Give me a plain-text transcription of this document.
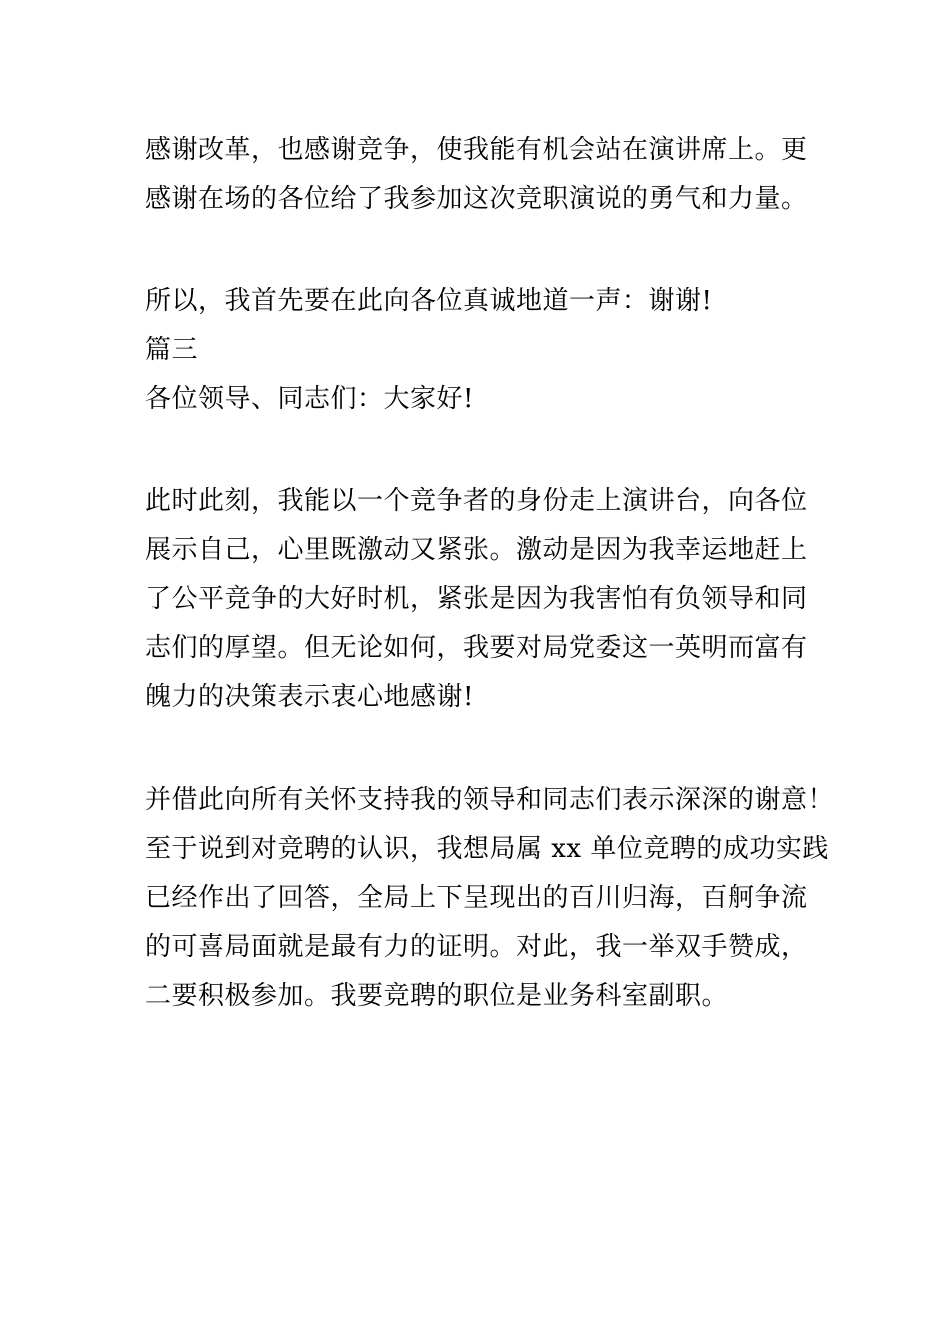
感谢改革，也感谢竞争，使我能有机会站在演讲席上。更
感谢在场的各位给了我参加这次竞职演说的勇气和力量。
所以，我首先要在此向各位真诚地道一声：谢谢!
篇三
各位领导、同志们：大家好!
此时此刻，我能以一个竞争者的身份走上演讲台，向各位
展示自己，心里既激动又紧张。激动是因为我幸运地赶上
了公平竞争的大好时机，紧张是因为我害怕有负领导和同
志们的厚望。但无论如何，我要对局党委这一英明而富有
魄力的决策表示衷心地感谢!
并借此向所有关怀支持我的领导和同志们表示深深的谢意！
至于说到对竞聘的认识，我想局属 xx 单位竞聘的成功实践
已经作出了回答，全局上下呈现出的百川归海，百舸争流
的可喜局面就是最有力的证明。对此，我一举双手赞成，
二要积极参加。我要竞聘的职位是业务科室副职。
